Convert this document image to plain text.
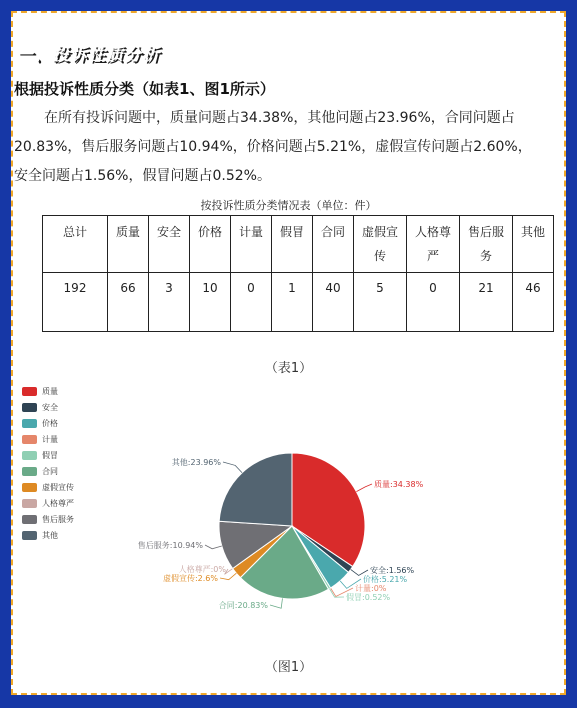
一、投诉性质分析
根据投诉性质分类（如表1、图1所示）
在所有投诉问题中，质量问题占34.38%，其他问题占23.96%，合同问题占20.83%，售后服务问题占10.94%，价格问题占5.21%，虚假宣传问题占2.60%，安全问题占1.56%，假冒问题占0.52%。
按投诉性质分类情况表（单位：件）
总计	质量	安全	价格	计量	假冒	合同	虚假宣传	人格尊严	售后服务	其他
192	66	3	10	0	1	40	5	0	21	46
（表1）
质量
安全
价格
计量
假冒
合同
虚假宣传
人格尊严
售后服务
其他
质量:34.38%
安全:1.56%
价格:5.21%
计量:0%
假冒:0.52%
合同:20.83%
虚假宣传:2.6%
人格尊严:0%
售后服务:10.94%
其他:23.96%
（图1）
